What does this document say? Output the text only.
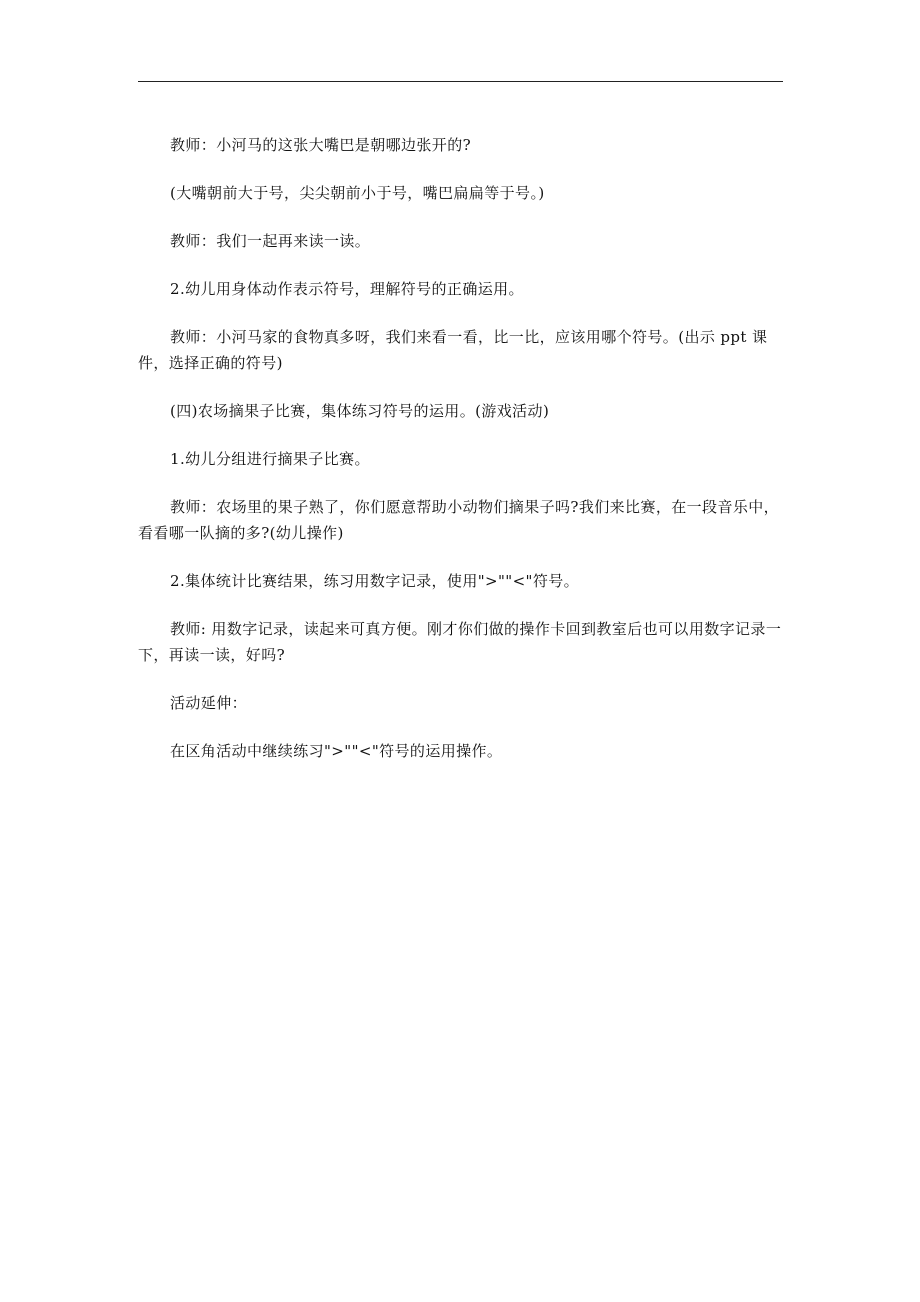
教师：小河马的这张大嘴巴是朝哪边张开的?

(大嘴朝前大于号，尖尖朝前小于号，嘴巴扁扁等于号。)

教师：我们一起再来读一读。

2.幼儿用身体动作表示符号，理解符号的正确运用。

教师：小河马家的食物真多呀，我们来看一看，比一比，应该用哪个符号。(出示 ppt 课件，选择正确的符号)

(四)农场摘果子比赛，集体练习符号的运用。(游戏活动)

1.幼儿分组进行摘果子比赛。

教师：农场里的果子熟了，你们愿意帮助小动物们摘果子吗?我们来比赛，在一段音乐中，看看哪一队摘的多?(幼儿操作)

2.集体统计比赛结果，练习用数字记录，使用">""<"符号。

教师: 用数字记录，读起来可真方便。刚才你们做的操作卡回到教室后也可以用数字记录一下，再读一读，好吗?

活动延伸：

在区角活动中继续练习">""<"符号的运用操作。
